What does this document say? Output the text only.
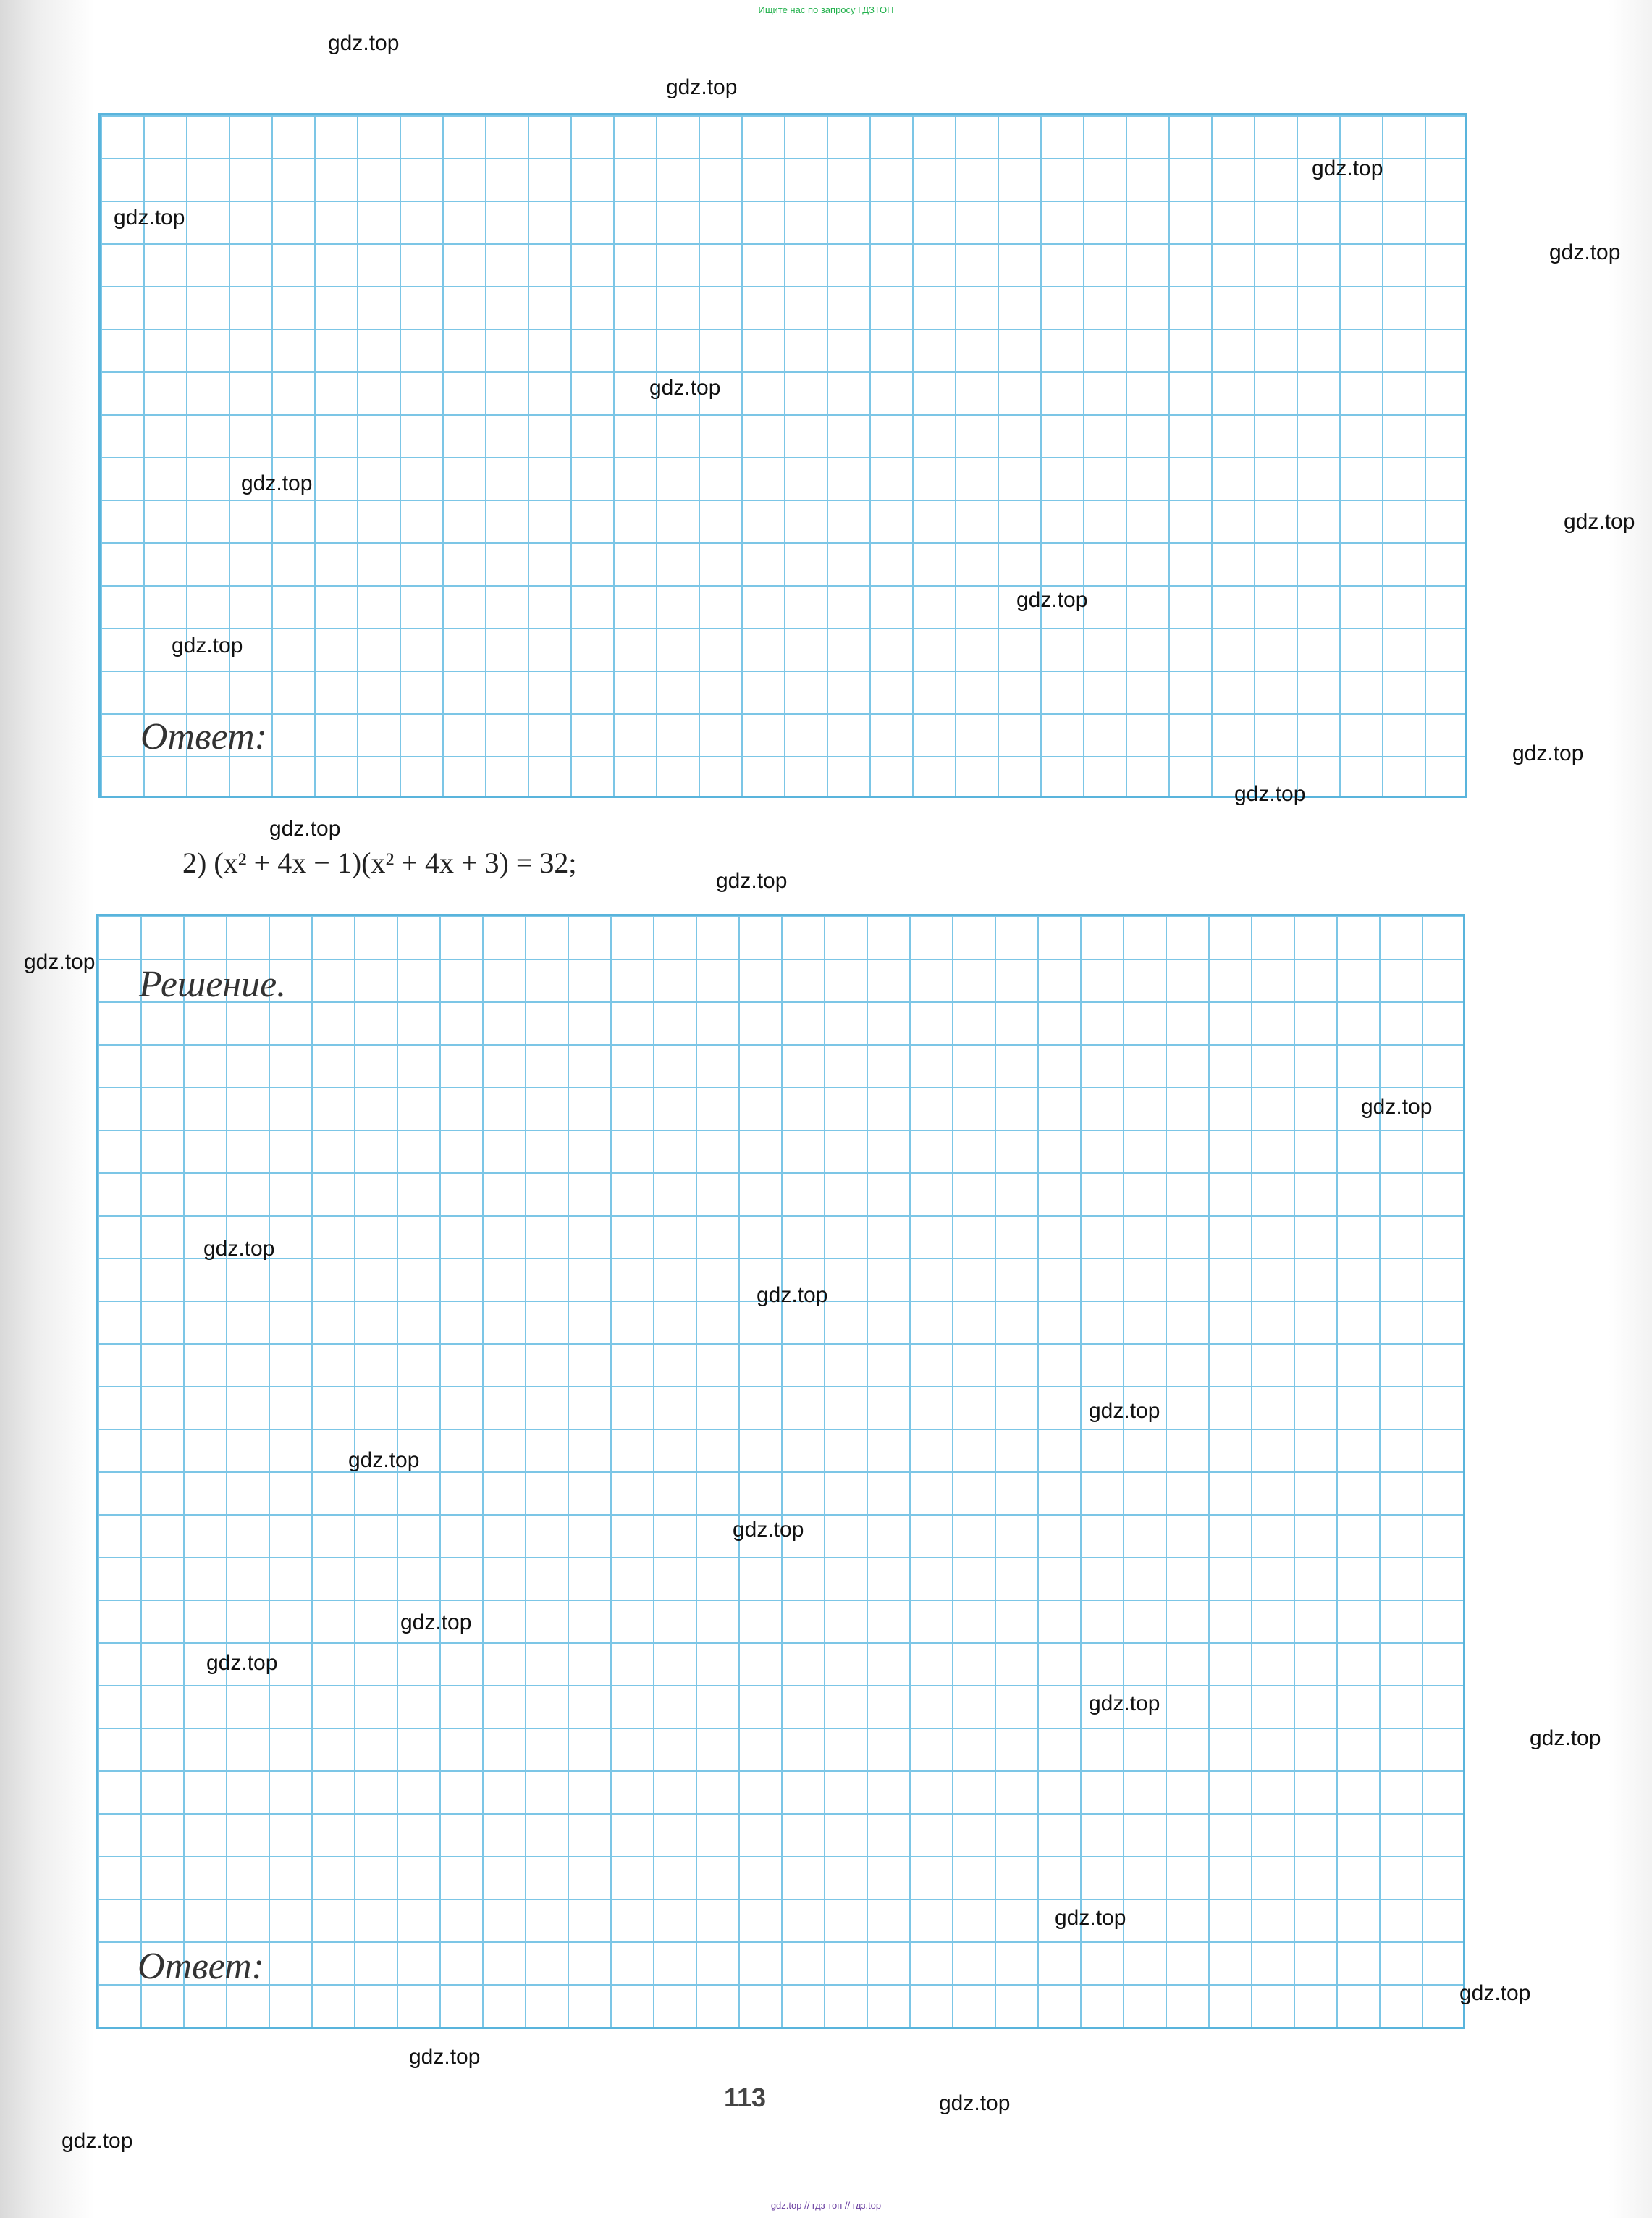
Ищите нас по запросу ГДЗТОП
Ответ:
2) (x² + 4x − 1)(x² + 4x + 3) = 32;
Решение.
Ответ:
113
gdz.top
gdz.top
gdz.top
gdz.top
gdz.top
gdz.top
gdz.top
gdz.top
gdz.top
gdz.top
gdz.top
gdz.top
gdz.top
gdz.top
gdz.top
gdz.top
gdz.top
gdz.top
gdz.top
gdz.top
gdz.top
gdz.top
gdz.top
gdz.top
gdz.top
gdz.top
gdz.top
gdz.top
gdz.top
gdz.top
gdz.top // гдз топ // гдз.top
